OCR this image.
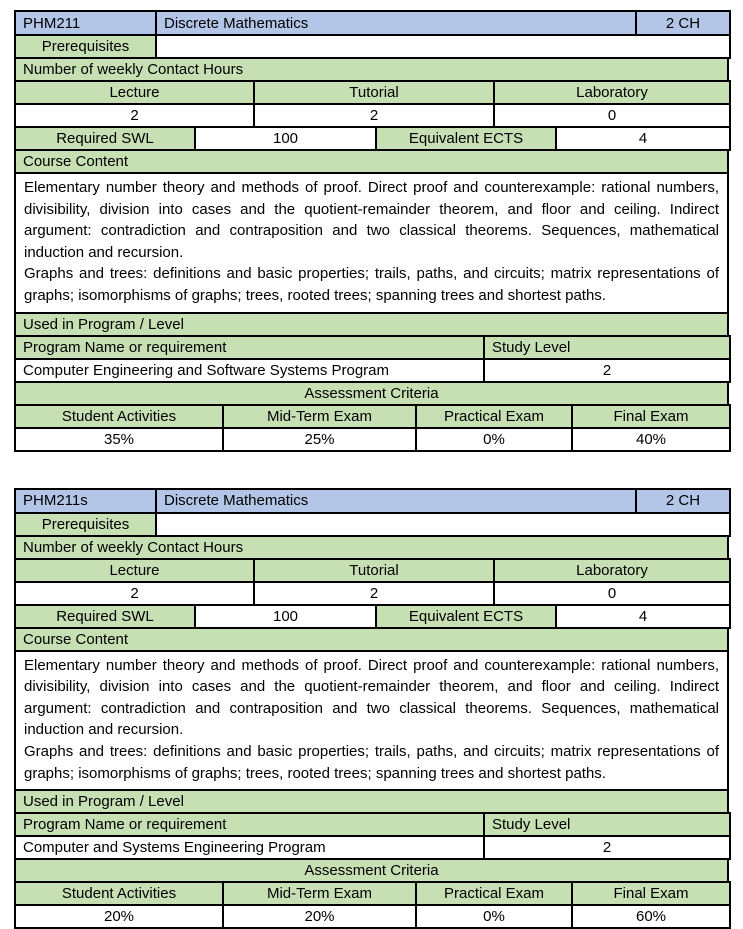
PHM211	Discrete Mathematics	2 CH
Prerequisites	
Number of weekly Contact Hours
Lecture	Tutorial	Laboratory
2	2	0
Required SWL	100	Equivalent ECTS	4
Course Content

Elementary number theory and methods of proof. Direct proof and counterexample: rational numbers, divisibility, division into cases and the quotient-remainder theorem, and floor and ceiling. Indirect argument: contradiction and contraposition and two classical theorems. Sequences, mathematical induction and recursion.

Graphs and trees: definitions and basic properties; trails, paths, and circuits; matrix representations of graphs; isomorphisms of graphs; trees, rooted trees; spanning trees and shortest paths.

Used in Program / Level
Program Name or requirement	Study Level
Computer Engineering and Software Systems Program	2
Assessment Criteria
Student Activities	Mid-Term Exam	Practical Exam	Final Exam
35%	25%	0%	40%
PHM211s	Discrete Mathematics	2 CH
Prerequisites	
Number of weekly Contact Hours
Lecture	Tutorial	Laboratory
2	2	0
Required SWL	100	Equivalent ECTS	4
Course Content

Elementary number theory and methods of proof. Direct proof and counterexample: rational numbers, divisibility, division into cases and the quotient-remainder theorem, and floor and ceiling. Indirect argument: contradiction and contraposition and two classical theorems. Sequences, mathematical induction and recursion.

Graphs and trees: definitions and basic properties; trails, paths, and circuits; matrix representations of graphs; isomorphisms of graphs; trees, rooted trees; spanning trees and shortest paths.

Used in Program / Level
Program Name or requirement	Study Level
Computer and Systems Engineering Program	2
Assessment Criteria
Student Activities	Mid-Term Exam	Practical Exam	Final Exam
20%	20%	0%	60%
